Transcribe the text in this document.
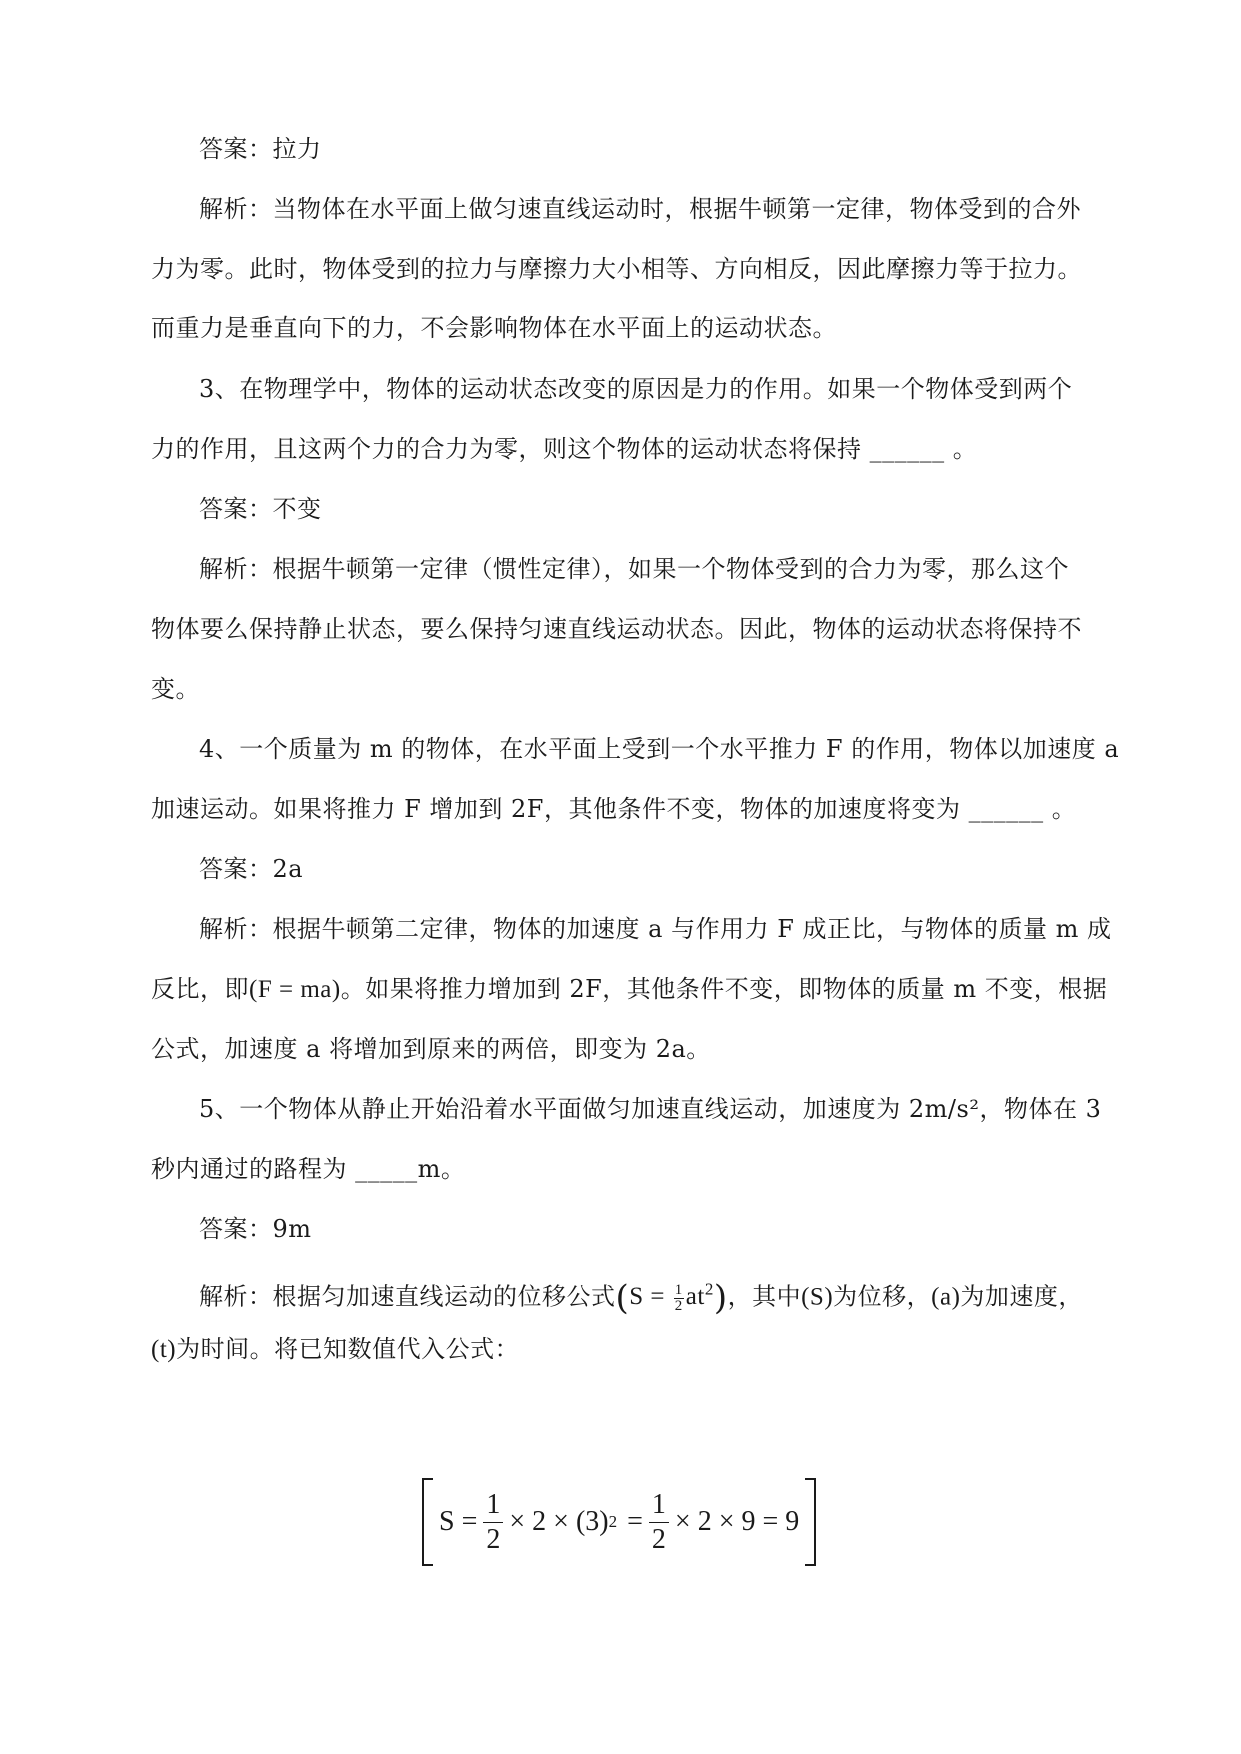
答案：拉力
解析：当物体在水平面上做匀速直线运动时，根据牛顿第一定律，物体受到的合外
力为零。此时，物体受到的拉力与摩擦力大小相等、方向相反，因此摩擦力等于拉力。
而重力是垂直向下的力，不会影响物体在水平面上的运动状态。
3、在物理学中，物体的运动状态改变的原因是力的作用。如果一个物体受到两个
力的作用，且这两个力的合力为零，则这个物体的运动状态将保持 ______ 。
答案：不变
解析：根据牛顿第一定律（惯性定律），如果一个物体受到的合力为零，那么这个
物体要么保持静止状态，要么保持匀速直线运动状态。因此，物体的运动状态将保持不
变。
4、一个质量为 m 的物体，在水平面上受到一个水平推力 F 的作用，物体以加速度 a
加速运动。如果将推力 F 增加到 2F，其他条件不变，物体的加速度将变为 ______ 。
答案：2a
解析：根据牛顿第二定律，物体的加速度 a 与作用力 F 成正比，与物体的质量 m 成
反比，即(F = ma)。如果将推力增加到 2F，其他条件不变，即物体的质量 m 不变，根据
公式，加速度 a 将增加到原来的两倍，即变为 2a。
5、一个物体从静止开始沿着水平面做匀加速直线运动，加速度为 2m/s²，物体在 3
秒内通过的路程为 _____m。
答案：9m
解析：根据匀加速直线运动的位移公式$(S = \frac{1}{2} at^2)$，其中(S)为位移，(a)为加速度，
(t)为时间。将已知数值代入公式：
$S = \frac{1}{2} \times 2 \times (3) 2 = \frac{1}{2} \times 2 \times 9 = 9$
